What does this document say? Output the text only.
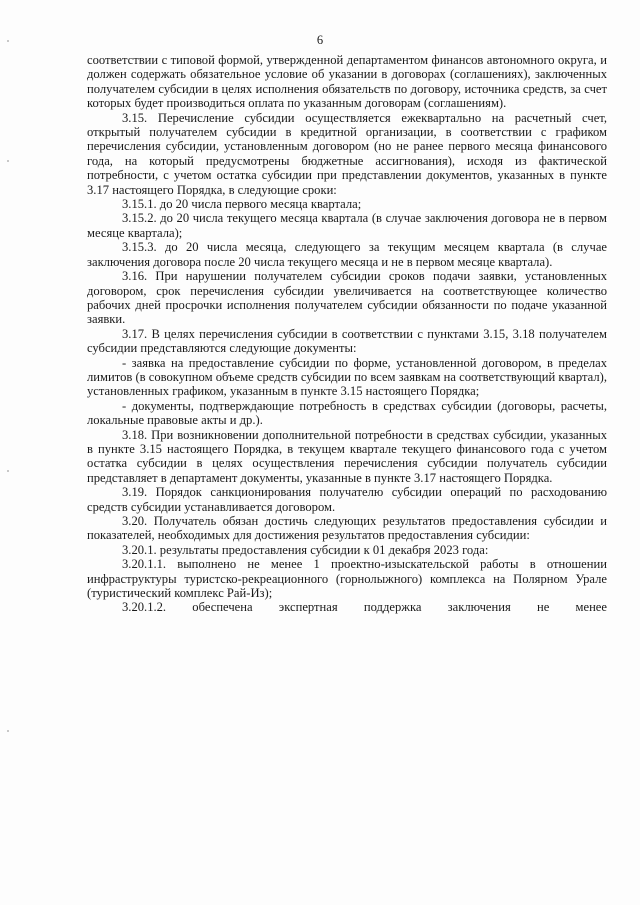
6

соответствии с типовой формой, утвержденной департаментом финансов автономного округа, и должен содержать обязательное условие об указании в договорах (соглашениях), заключенных получателем субсидии в целях исполнения обязательств по договору, источника средств, за счет которых будет производиться оплата по указанным договорам (соглашениям).

3.15. Перечисление субсидии осуществляется ежеквартально на расчетный счет, открытый получателем субсидии в кредитной организации, в соответствии с графиком перечисления субсидии, установленным договором (но не ранее первого месяца финансового года, на который предусмотрены бюджетные ассигнования), исходя из фактической потребности, с учетом остатка субсидии при представлении документов, указанных в пункте 3.17 настоящего Порядка, в следующие сроки:

3.15.1. до 20 числа первого месяца квартала;

3.15.2. до 20 числа текущего месяца квартала (в случае заключения договора не в первом месяце квартала);

3.15.3. до 20 числа месяца, следующего за текущим месяцем квартала (в случае заключения договора после 20 числа текущего месяца и не в первом месяце квартала).

3.16. При нарушении получателем субсидии сроков подачи заявки, установленных договором, срок перечисления субсидии увеличивается на соответствующее количество рабочих дней просрочки исполнения получателем субсидии обязанности по подаче указанной заявки.

3.17. В целях перечисления субсидии в соответствии с пунктами 3.15, 3.18 получателем субсидии представляются следующие документы:

- заявка на предоставление субсидии по форме, установленной договором, в пределах лимитов (в совокупном объеме средств субсидии по всем заявкам на соответствующий квартал), установленных графиком, указанным в пункте 3.15 настоящего Порядка;

- документы, подтверждающие потребность в средствах субсидии (договоры, расчеты, локальные правовые акты и др.).

3.18. При возникновении дополнительной потребности в средствах субсидии, указанных в пункте 3.15 настоящего Порядка, в текущем квартале текущего финансового года с учетом остатка субсидии в целях осуществления перечисления субсидии получатель субсидии представляет в департамент документы, указанные в пункте 3.17 настоящего Порядка.

3.19. Порядок санкционирования получателю субсидии операций по расходованию средств субсидии устанавливается договором.

3.20. Получатель обязан достичь следующих результатов предоставления субсидии и показателей, необходимых для достижения результатов предоставления субсидии:

3.20.1. результаты предоставления субсидии к 01 декабря 2023 года:

3.20.1.1. выполнено не менее 1 проектно-изыскательской работы в отношении инфраструктуры туристско-рекреационного (горнолыжного) комплекса на Полярном Урале (туристический комплекс Рай-Из);

3.20.1.2. обеспечена экспертная поддержка заключения не менее
